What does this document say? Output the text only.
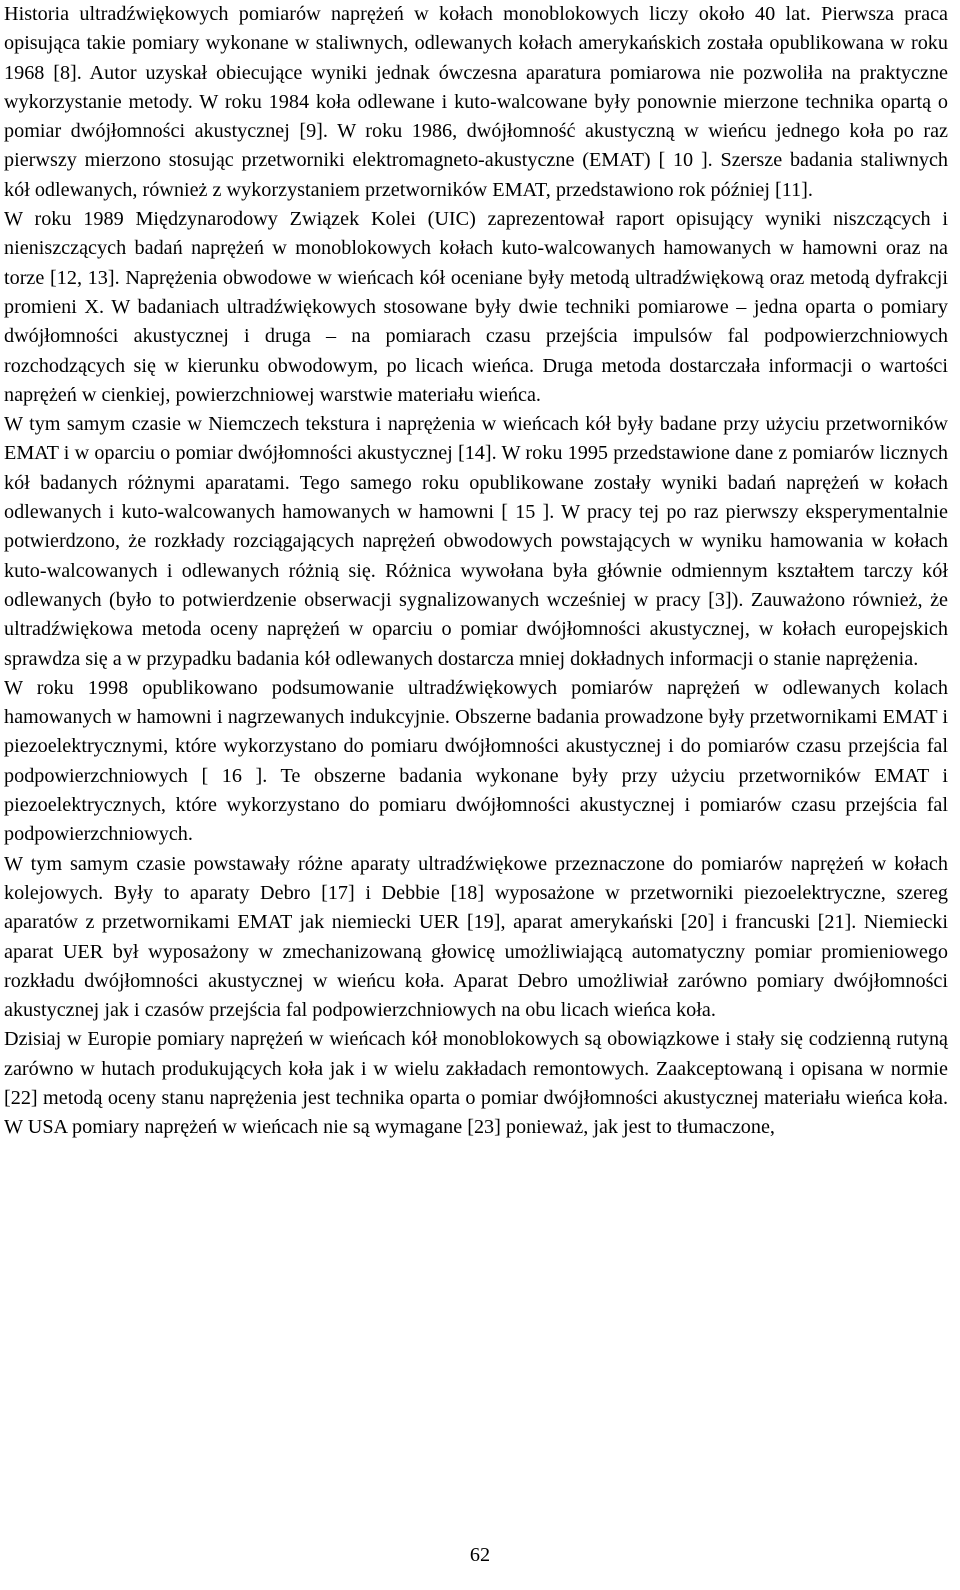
Historia ultradźwiękowych pomiarów naprężeń w kołach monoblokowych liczy około 40 lat. Pierwsza praca opisująca takie pomiary wykonane w staliwnych, odlewanych kołach amerykańskich została opublikowana w roku 1968 [8]. Autor uzyskał obiecujące wyniki jednak ówczesna aparatura pomiarowa nie pozwoliła na praktyczne wykorzystanie metody. W roku 1984 koła odlewane i kuto-walcowane były ponownie mierzone technika opartą o pomiar dwójłomności akustycznej [9]. W roku 1986, dwójłomność akustyczną w wieńcu jednego koła po raz pierwszy mierzono stosując przetworniki elektromagneto-akustyczne (EMAT) [ 10 ]. Szersze badania staliwnych kół odlewanych, również z wykorzystaniem przetworników EMAT, przedstawiono rok później [11].

W roku 1989 Międzynarodowy Związek Kolei (UIC) zaprezentował raport opisujący wyniki niszczących i nieniszczących badań naprężeń w monoblokowych kołach kuto-walcowanych hamowanych w hamowni oraz na torze [12, 13]. Naprężenia obwodowe w wieńcach kół oceniane były metodą ultradźwiękową oraz metodą dyfrakcji promieni X. W badaniach ultradźwiękowych stosowane były dwie techniki pomiarowe – jedna oparta o pomiary dwójłomności akustycznej i druga – na pomiarach czasu przejścia impulsów fal podpowierzchniowych rozchodzących się w kierunku obwodowym, po licach wieńca. Druga metoda dostarczała informacji o wartości naprężeń w cienkiej, powierzchniowej warstwie materiału wieńca.

W tym samym czasie w Niemczech tekstura i naprężenia w wieńcach kół były badane przy użyciu przetworników EMAT i w oparciu o pomiar dwójłomności akustycznej [14]. W roku 1995 przedstawione dane z pomiarów licznych kół badanych różnymi aparatami. Tego samego roku opublikowane zostały wyniki badań naprężeń w kołach odlewanych i kuto-walcowanych hamowanych w hamowni [ 15 ]. W pracy tej po raz pierwszy eksperymentalnie potwierdzono, że rozkłady rozciągających naprężeń obwodowych powstających w wyniku hamowania w kołach kuto-walcowanych i odlewanych różnią się. Różnica wywołana była głównie odmiennym kształtem tarczy kół odlewanych (było to potwierdzenie obserwacji sygnalizowanych wcześniej w pracy [3]). Zauważono również, że ultradźwiękowa metoda oceny naprężeń w oparciu o pomiar dwójłomności akustycznej, w kołach europejskich sprawdza się a w przypadku badania kół odlewanych dostarcza mniej dokładnych informacji o stanie naprężenia.

W roku 1998 opublikowano podsumowanie ultradźwiękowych pomiarów naprężeń w odlewanych kolach hamowanych w hamowni i nagrzewanych indukcyjnie. Obszerne badania prowadzone były przetwornikami EMAT i piezoelektrycznymi, które wykorzystano do pomiaru dwójłomności akustycznej i do pomiarów czasu przejścia fal podpowierzchniowych [ 16 ]. Te obszerne badania wykonane były przy użyciu przetworników EMAT i piezoelektrycznych, które wykorzystano do pomiaru dwójłomności akustycznej i pomiarów czasu przejścia fal podpowierzchniowych.

W tym samym czasie powstawały różne aparaty ultradźwiękowe przeznaczone do pomiarów naprężeń w kołach kolejowych. Były to aparaty Debro [17] i Debbie [18] wyposażone w przetworniki piezoelektryczne, szereg aparatów z przetwornikami EMAT jak niemiecki UER [19], aparat amerykański [20] i francuski [21]. Niemiecki aparat UER był wyposażony w zmechanizowaną głowicę umożliwiającą automatyczny pomiar promieniowego rozkładu dwójłomności akustycznej w wieńcu koła. Aparat Debro umożliwiał zarówno pomiary dwójłomności akustycznej jak i czasów przejścia fal podpowierzchniowych na obu licach wieńca koła.

Dzisiaj w Europie pomiary naprężeń w wieńcach kół monoblokowych są obowiązkowe i stały się codzienną rutyną zarówno w hutach produkujących koła jak i w wielu zakładach remontowych. Zaakceptowaną i opisana w normie [22] metodą oceny stanu naprężenia jest technika oparta o pomiar dwójłomności akustycznej materiału wieńca koła. W USA pomiary naprężeń w wieńcach nie są wymagane [23] ponieważ, jak jest to tłumaczone,

62
